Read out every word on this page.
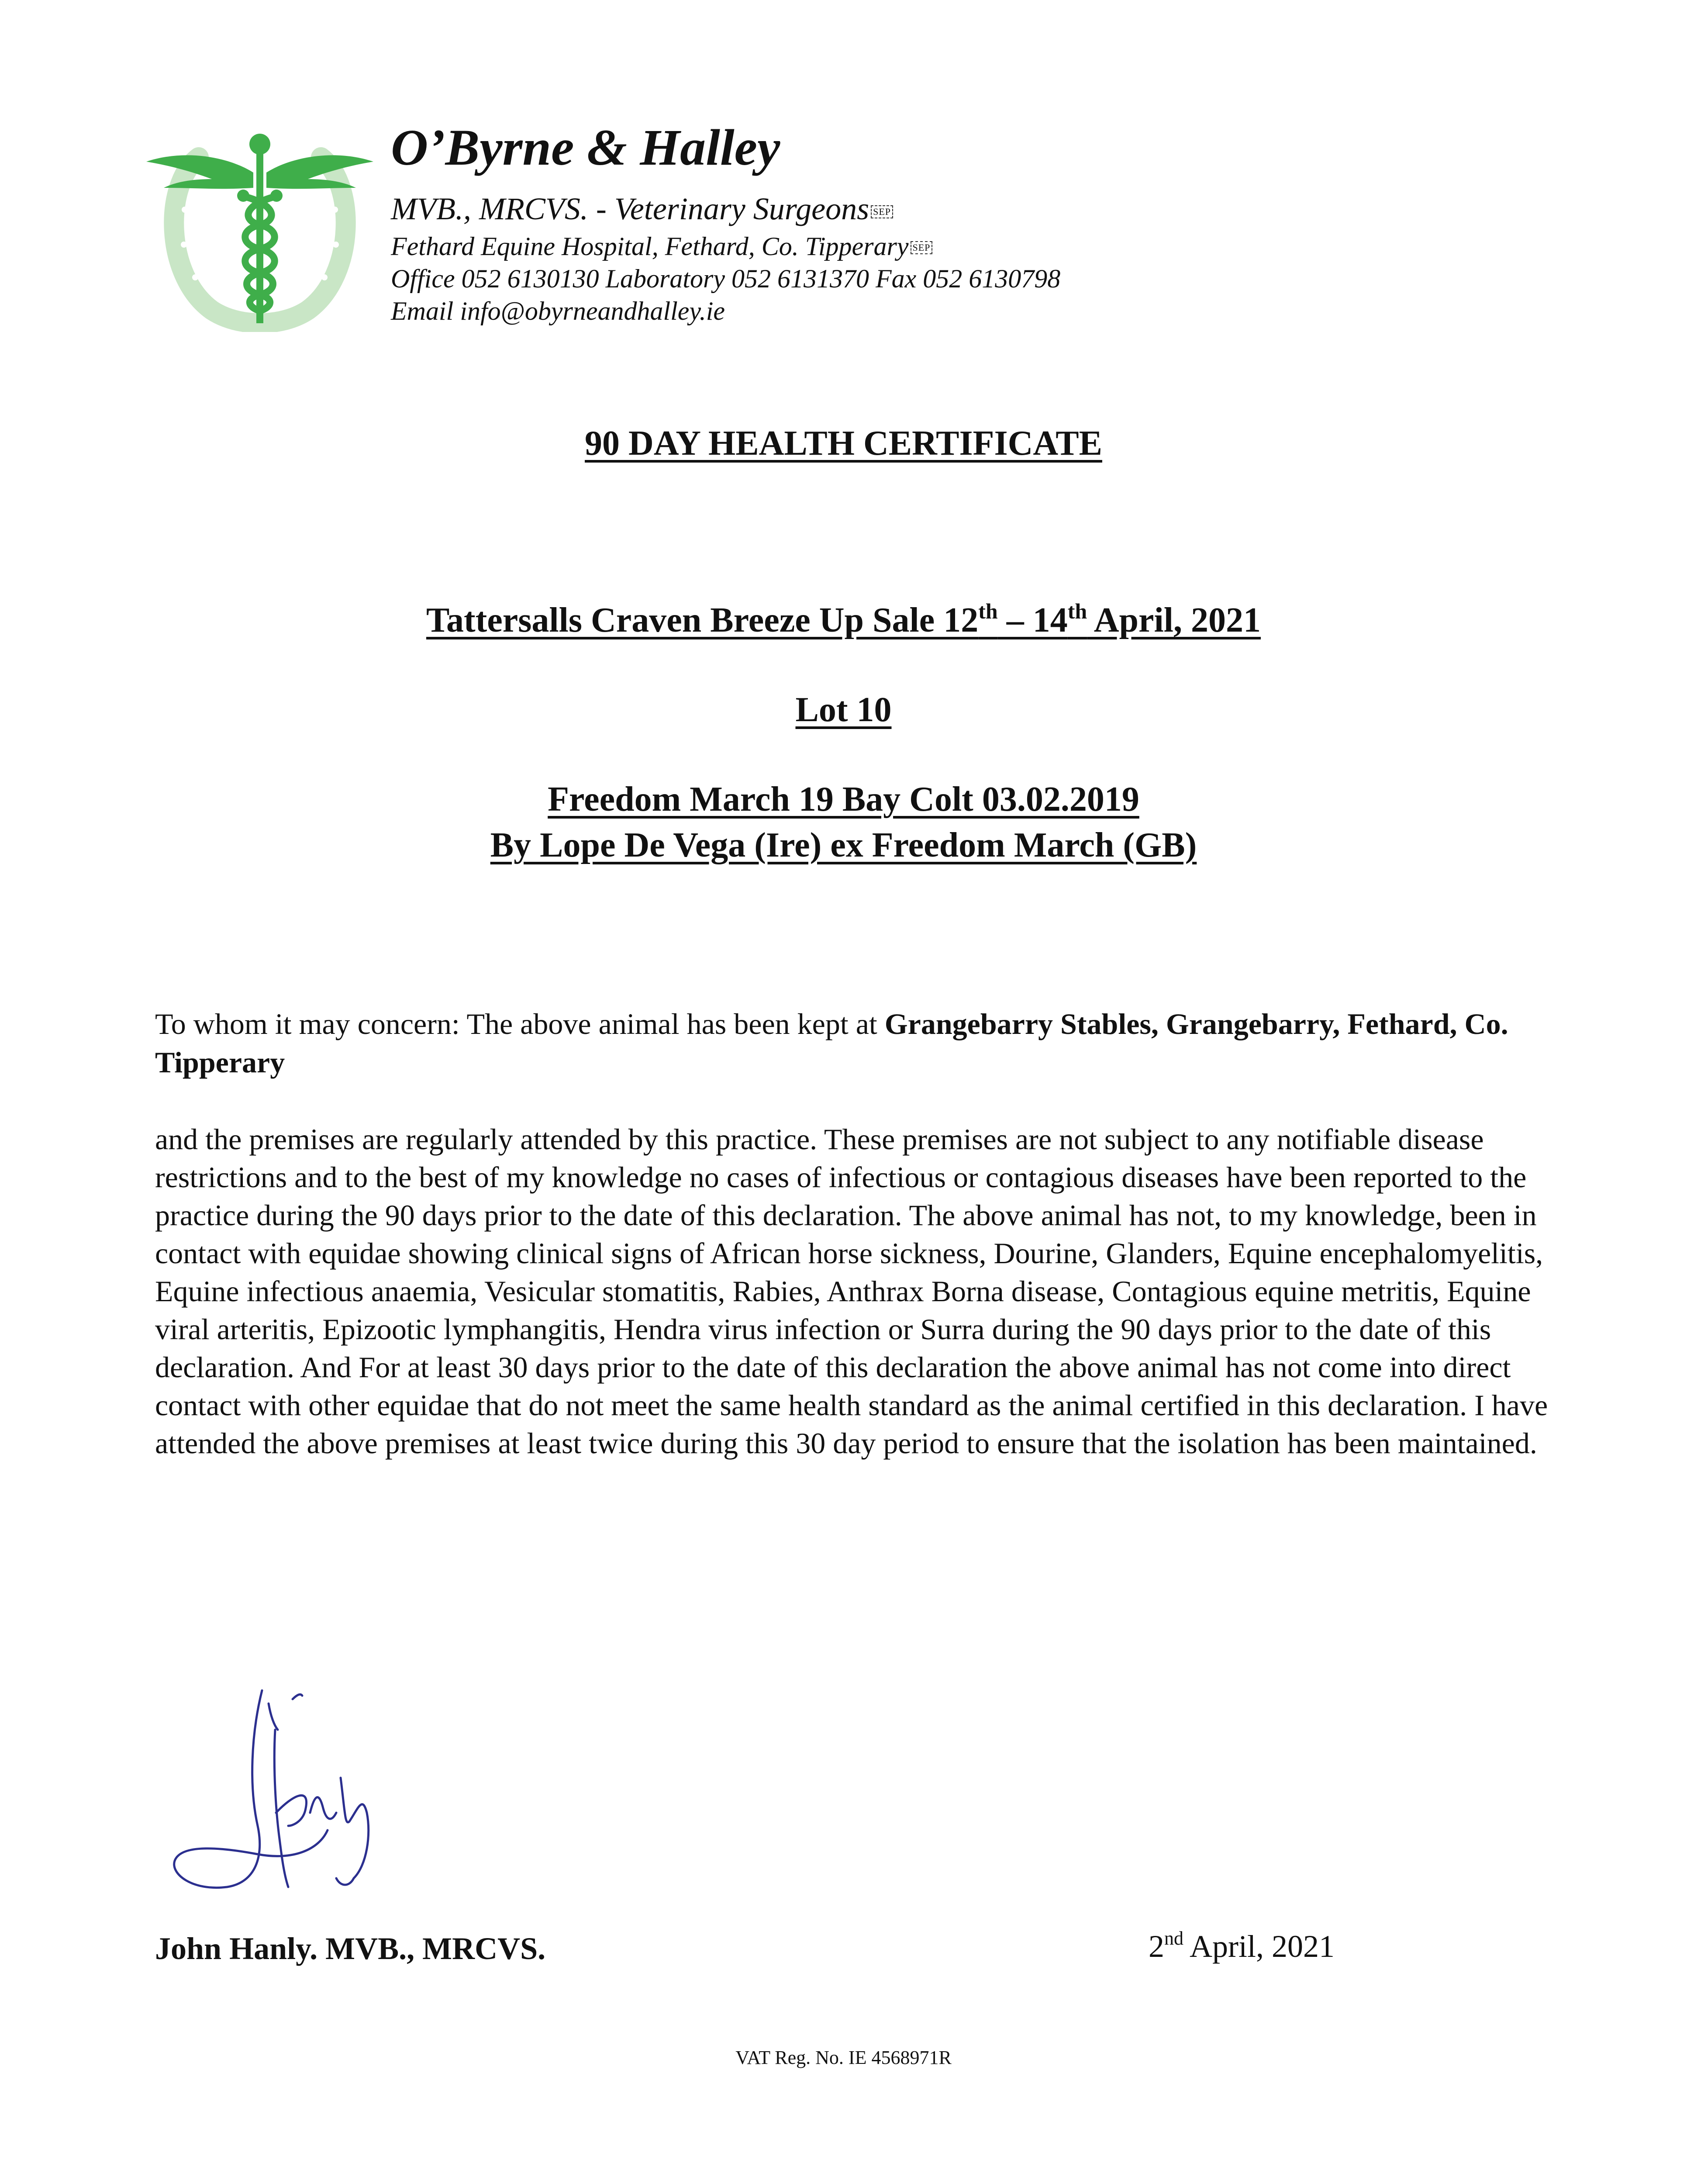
O’Byrne & Halley
MVB., MRCVS. - Veterinary Surgeons SEP
Fethard Equine Hospital, Fethard, Co. Tipperary SEP
Office 052 6130130 Laboratory 052 6131370 Fax 052 6130798
Email info@obyrneandhalley.ie
90 DAY HEALTH CERTIFICATE
Tattersalls Craven Breeze Up Sale 12th – 14th April, 2021
Lot 10
Freedom March 19 Bay Colt 03.02.2019
By Lope De Vega (Ire) ex Freedom March (GB)
To whom it may concern: The above animal has been kept at Grangebarry Stables, Grangebarry, Fethard, Co. Tipperary
and the premises are regularly attended by this practice. These premises are not subject to any notifiable disease restrictions and to the best of my knowledge no cases of infectious or contagious diseases have been reported to the practice during the 90 days prior to the date of this declaration. The above animal has not, to my knowledge, been in contact with equidae showing clinical signs of African horse sickness, Dourine, Glanders, Equine encephalomyelitis, Equine infectious anaemia, Vesicular stomatitis, Rabies, Anthrax Borna disease, Contagious equine metritis, Equine viral arteritis, Epizootic lymphangitis, Hendra virus infection or Surra during the 90 days prior to the date of this declaration. And For at least 30 days prior to the date of this declaration the above animal has not come into direct contact with other equidae that do not meet the same health standard as the animal certified in this declaration. I have attended the above premises at least twice during this 30 day period to ensure that the isolation has been maintained.
John Hanly. MVB., MRCVS.	2nd April, 2021
VAT Reg. No. IE 4568971R
